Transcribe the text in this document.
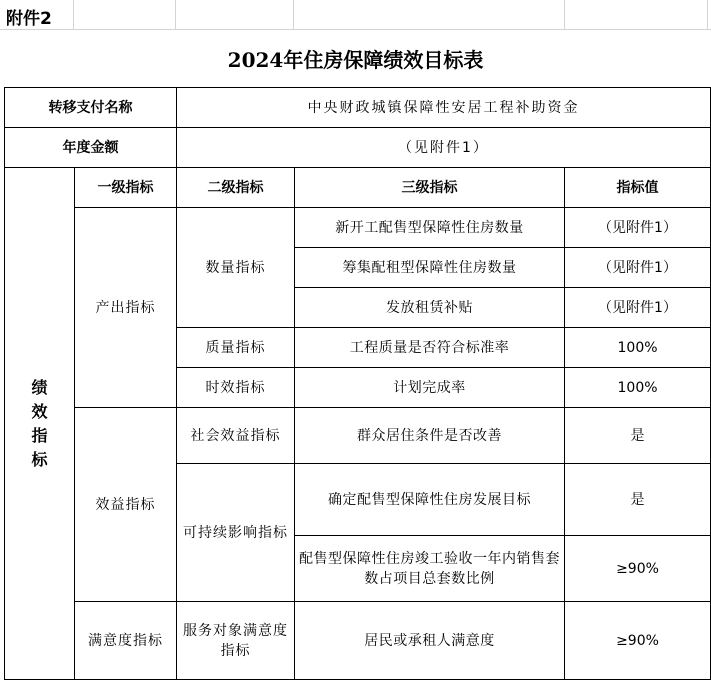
附件2
2024年住房保障绩效目标表
转移支付名称		中央财政城镇保障性安居工程补助资金		
年度金额		（见附件1）		
绩效指标	一级指标	二级指标	三级指标	指标值
	产出指标	数量指标	新开工配售型保障性住房数量	（见附件1）
			筹集配租型保障性住房数量	（见附件1）
			发放租赁补贴	（见附件1）
		质量指标	工程质量是否符合标准率	100%
		时效指标	计划完成率	100%
	效益指标	社会效益指标	群众居住条件是否改善	是
		可持续影响指标	确定配售型保障性住房发展目标	是
			配售型保障性住房竣工验收一年内销售套数占项目总套数比例	≥90%
	满意度指标	服务对象满意度指标	居民或承租人满意度	≥90%
